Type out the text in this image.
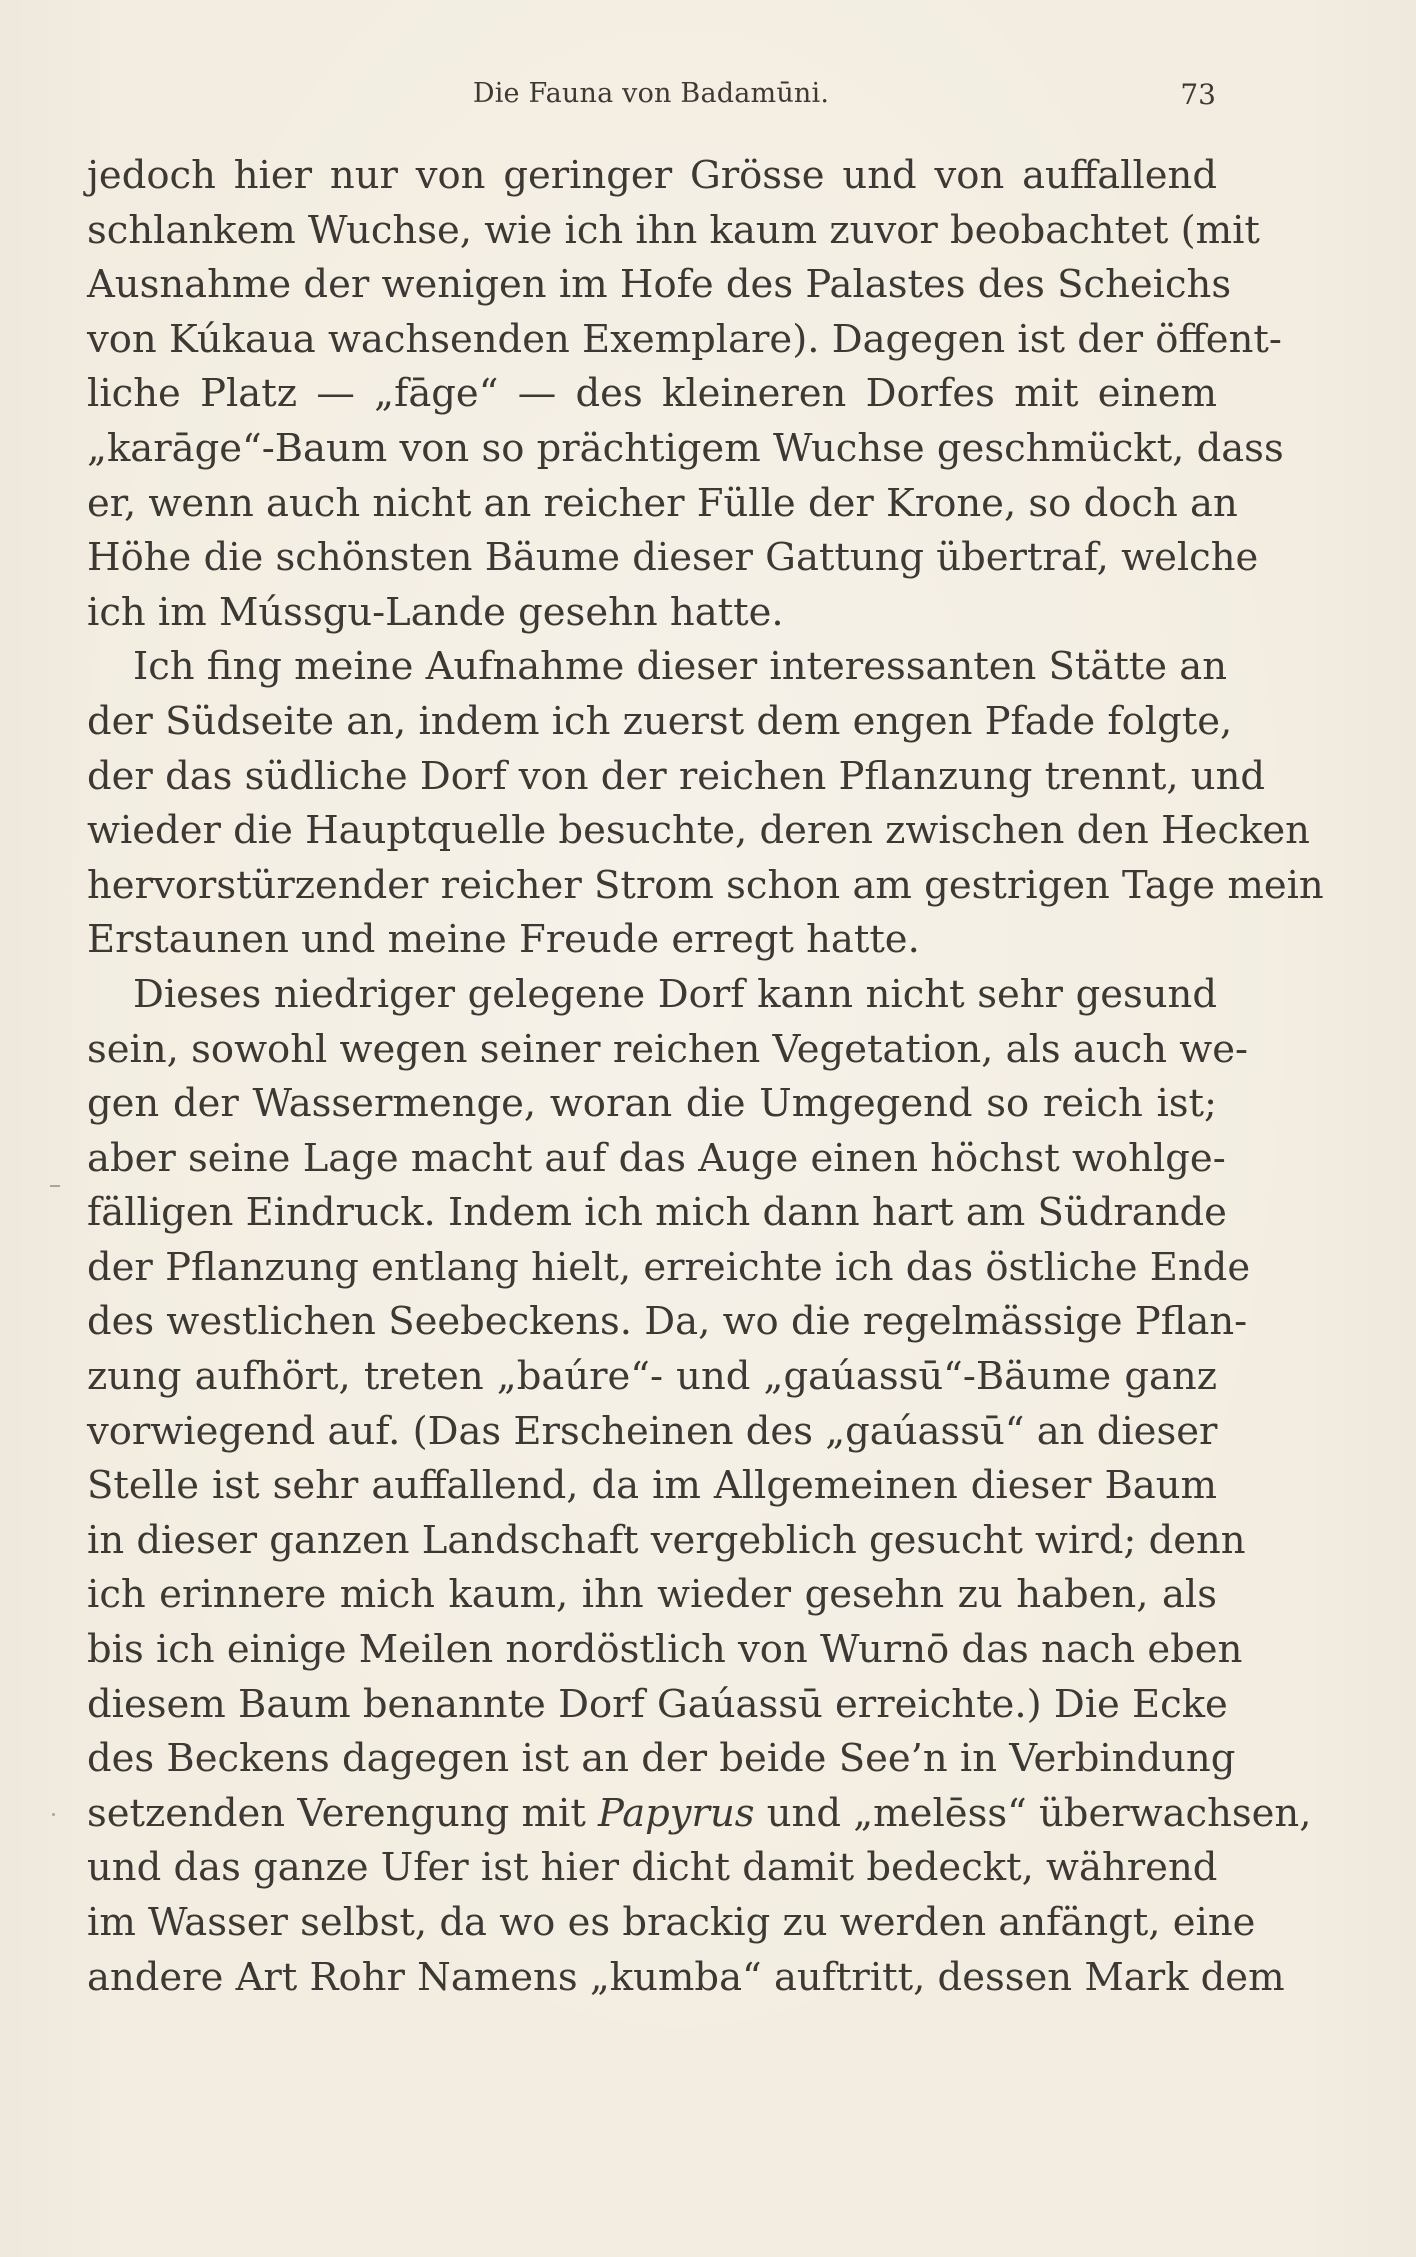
Die Fauna von Badamūni.	73
jedoch hier nur von geringer Grösse und von auffallend
schlankem Wuchse, wie ich ihn kaum zuvor beobachtet (mit
Ausnahme der wenigen im Hofe des Palastes des Scheichs
von Kúkaua wachsenden Exemplare). Dagegen ist der öffent-
liche Platz — „fāge“ — des kleineren Dorfes mit einem
„karāge“-Baum von so prächtigem Wuchse geschmückt, dass
er, wenn auch nicht an reicher Fülle der Krone, so doch an
Höhe die schönsten Bäume dieser Gattung übertraf, welche
ich im Mússgu-Lande gesehn hatte.
Ich fing meine Aufnahme dieser interessanten Stätte an
der Südseite an, indem ich zuerst dem engen Pfade folgte,
der das südliche Dorf von der reichen Pflanzung trennt, und
wieder die Hauptquelle besuchte, deren zwischen den Hecken
hervorstürzender reicher Strom schon am gestrigen Tage mein
Erstaunen und meine Freude erregt hatte.
Dieses niedriger gelegene Dorf kann nicht sehr gesund
sein, sowohl wegen seiner reichen Vegetation, als auch we-
gen der Wassermenge, woran die Umgegend so reich ist;
aber seine Lage macht auf das Auge einen höchst wohlge-
fälligen Eindruck. Indem ich mich dann hart am Südrande
der Pflanzung entlang hielt, erreichte ich das östliche Ende
des westlichen Seebeckens. Da, wo die regelmässige Pflan-
zung aufhört, treten „baúre“- und „gaúassū“-Bäume ganz
vorwiegend auf. (Das Erscheinen des „gaúassū“ an dieser
Stelle ist sehr auffallend, da im Allgemeinen dieser Baum
in dieser ganzen Landschaft vergeblich gesucht wird; denn
ich erinnere mich kaum, ihn wieder gesehn zu haben, als
bis ich einige Meilen nordöstlich von Wurnō das nach eben
diesem Baum benannte Dorf Gaúassū erreichte.) Die Ecke
des Beckens dagegen ist an der beide See’n in Verbindung
setzenden Verengung mit Papyrus und „melēss“ überwachsen,
und das ganze Ufer ist hier dicht damit bedeckt, während
im Wasser selbst, da wo es brackig zu werden anfängt, eine
andere Art Rohr Namens „kumba“ auftritt, dessen Mark dem
